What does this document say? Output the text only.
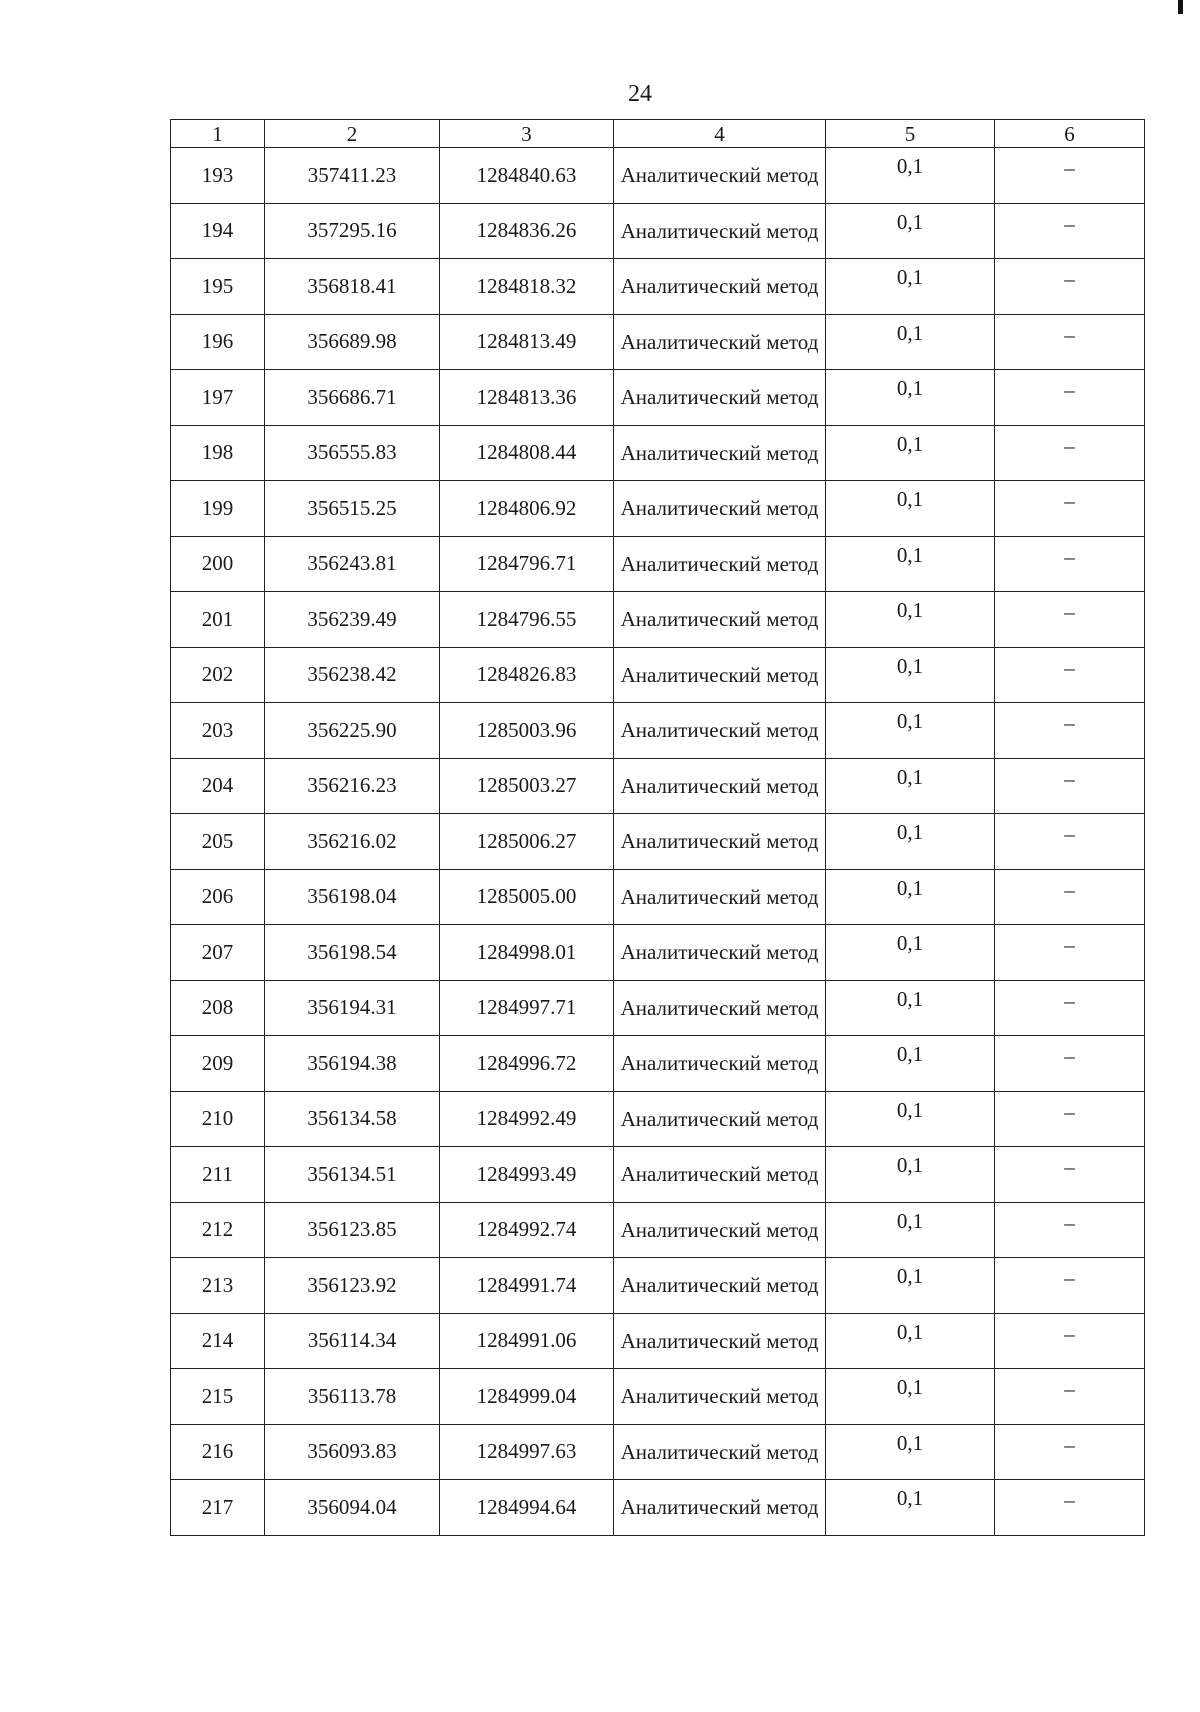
24
1	2	3	4	5	6
193	357411.23	1284840.63	Аналитический метод	0,1	–
194	357295.16	1284836.26	Аналитический метод	0,1	–
195	356818.41	1284818.32	Аналитический метод	0,1	–
196	356689.98	1284813.49	Аналитический метод	0,1	–
197	356686.71	1284813.36	Аналитический метод	0,1	–
198	356555.83	1284808.44	Аналитический метод	0,1	–
199	356515.25	1284806.92	Аналитический метод	0,1	–
200	356243.81	1284796.71	Аналитический метод	0,1	–
201	356239.49	1284796.55	Аналитический метод	0,1	–
202	356238.42	1284826.83	Аналитический метод	0,1	–
203	356225.90	1285003.96	Аналитический метод	0,1	–
204	356216.23	1285003.27	Аналитический метод	0,1	–
205	356216.02	1285006.27	Аналитический метод	0,1	–
206	356198.04	1285005.00	Аналитический метод	0,1	–
207	356198.54	1284998.01	Аналитический метод	0,1	–
208	356194.31	1284997.71	Аналитический метод	0,1	–
209	356194.38	1284996.72	Аналитический метод	0,1	–
210	356134.58	1284992.49	Аналитический метод	0,1	–
211	356134.51	1284993.49	Аналитический метод	0,1	–
212	356123.85	1284992.74	Аналитический метод	0,1	–
213	356123.92	1284991.74	Аналитический метод	0,1	–
214	356114.34	1284991.06	Аналитический метод	0,1	–
215	356113.78	1284999.04	Аналитический метод	0,1	–
216	356093.83	1284997.63	Аналитический метод	0,1	–
217	356094.04	1284994.64	Аналитический метод	0,1	–
